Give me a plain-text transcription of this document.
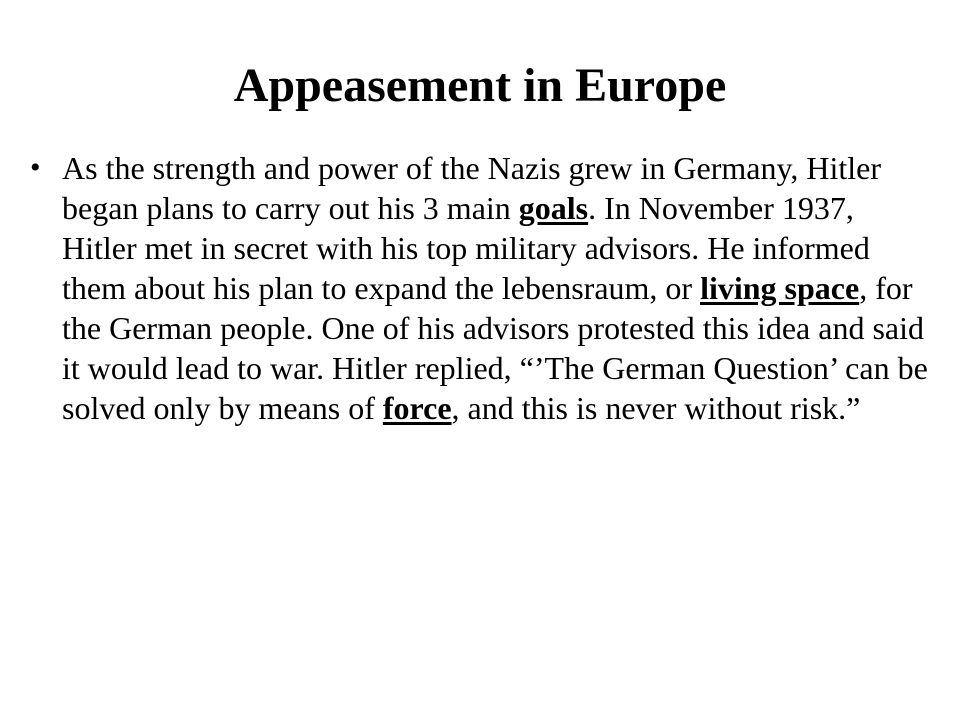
Appeasement in Europe
• As the strength and power of the Nazis grew in Germany, Hitler began plans to carry out his 3 main goals. In November 1937, Hitler met in secret with his top military advisors. He informed them about his plan to expand the lebensraum, or living space, for the German people. One of his advisors protested this idea and said it would lead to war. Hitler replied, “’The German Question’ can be solved only by means of force, and this is never without risk.”
